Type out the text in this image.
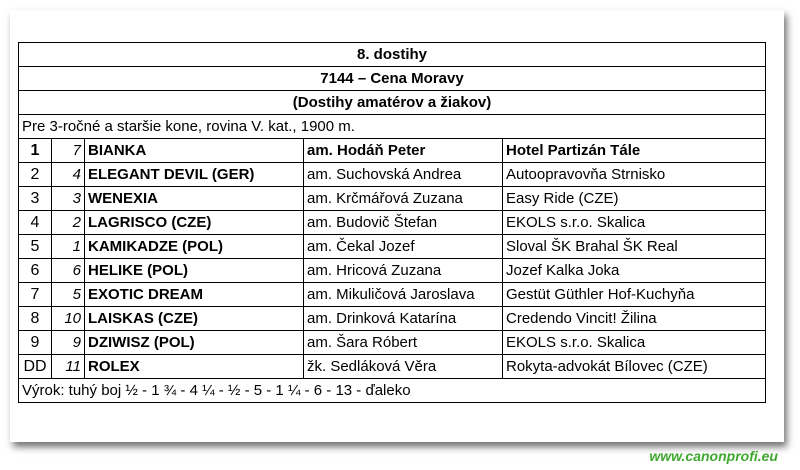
8. dostihy				
7144 – Cena Moravy				
(Dostihy amatérov a žiakov)				
Pre 3-ročné a staršie kone, rovina V. kat., 1900 m.				
1	7	BIANKA	am. Hodáň Peter	Hotel Partizán Tále
2	4	ELEGANT DEVIL (GER)	am. Suchovská Andrea	Autoopravovňa Strnisko
3	3	WENEXIA	am. Krčmářová Zuzana	Easy Ride (CZE)
4	2	LAGRISCO (CZE)	am. Budovič Štefan	EKOLS s.r.o. Skalica
5	1	KAMIKADZE (POL)	am. Čekal Jozef	Sloval ŠK Brahal ŠK Real
6	6	HELIKE (POL)	am. Hricová Zuzana	Jozef Kalka Joka
7	5	EXOTIC DREAM	am. Mikuličová Jaroslava	Gestüt Güthler Hof-Kuchyňa
8	10	LAISKAS (CZE)	am. Drinková Katarína	Credendo Vincit! Žilina
9	9	DZIWISZ (POL)	am. Šara Róbert	EKOLS s.r.o. Skalica
DD	11	ROLEX	žk. Sedláková Věra	Rokyta-advokát Bílovec (CZE)
Výrok: tuhý boj ½ - 1 ¾ - 4 ¼ - ½ - 5 - 1 ¼ - 6 - 13 - ďaleko				
www.canonprofi.eu
